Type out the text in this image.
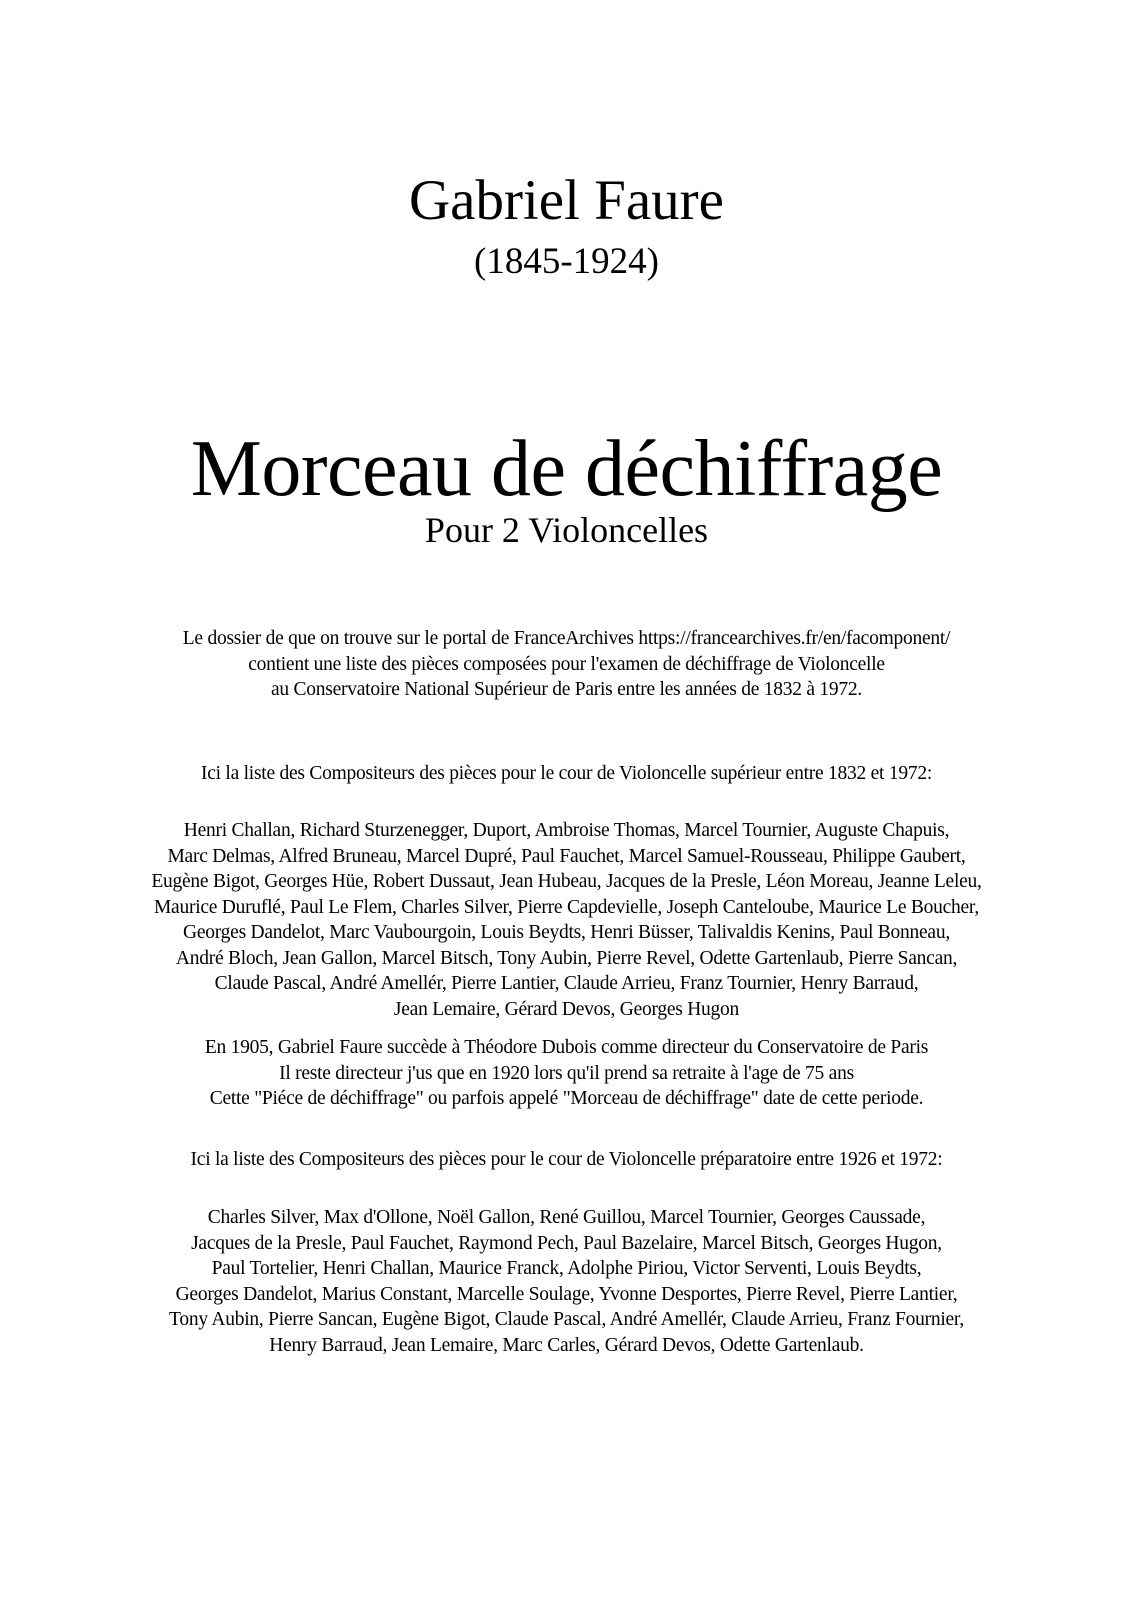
Gabriel Faure
(1845-1924)
Morceau de déchiffrage
Pour 2 Violoncelles
Le dossier de que on trouve sur le portal de FranceArchives https://francearchives.fr/en/facomponent/
contient une liste des pièces composées pour l'examen de déchiffrage de Violoncelle
au Conservatoire National Supérieur de Paris entre les années de 1832 à 1972.
Ici la liste des Compositeurs des pièces pour le cour de Violoncelle supérieur entre 1832 et 1972:
Henri Challan, Richard Sturzenegger, Duport, Ambroise Thomas, Marcel Tournier, Auguste Chapuis,
Marc Delmas, Alfred Bruneau, Marcel Dupré, Paul Fauchet, Marcel Samuel-Rousseau, Philippe Gaubert,
Eugène Bigot, Georges Hüe, Robert Dussaut, Jean Hubeau, Jacques de la Presle, Léon Moreau, Jeanne Leleu,
Maurice Duruflé, Paul Le Flem, Charles Silver, Pierre Capdevielle, Joseph Canteloube, Maurice Le Boucher,
Georges Dandelot, Marc Vaubourgoin, Louis Beydts, Henri Büsser, Talivaldis Kenins, Paul Bonneau,
André Bloch, Jean Gallon, Marcel Bitsch, Tony Aubin, Pierre Revel, Odette Gartenlaub, Pierre Sancan,
Claude Pascal, André Amellér, Pierre Lantier, Claude Arrieu, Franz Tournier, Henry Barraud,
Jean Lemaire, Gérard Devos, Georges Hugon
En 1905, Gabriel Faure succède à Théodore Dubois comme directeur du Conservatoire de Paris
Il reste directeur j'us que en 1920 lors qu'il prend sa retraite à l'age de 75 ans
Cette "Piéce de déchiffrage" ou parfois appelé "Morceau de déchiffrage" date de cette periode.
Ici la liste des Compositeurs des pièces pour le cour de Violoncelle préparatoire entre 1926 et 1972:
Charles Silver, Max d'Ollone, Noël Gallon, René Guillou, Marcel Tournier, Georges Caussade,
Jacques de la Presle, Paul Fauchet, Raymond Pech, Paul Bazelaire, Marcel Bitsch, Georges Hugon,
Paul Tortelier, Henri Challan, Maurice Franck, Adolphe Piriou, Victor Serventi, Louis Beydts,
Georges Dandelot, Marius Constant, Marcelle Soulage, Yvonne Desportes, Pierre Revel, Pierre Lantier,
Tony Aubin, Pierre Sancan, Eugène Bigot, Claude Pascal, André Amellér, Claude Arrieu, Franz Fournier,
Henry Barraud, Jean Lemaire, Marc Carles, Gérard Devos, Odette Gartenlaub.
